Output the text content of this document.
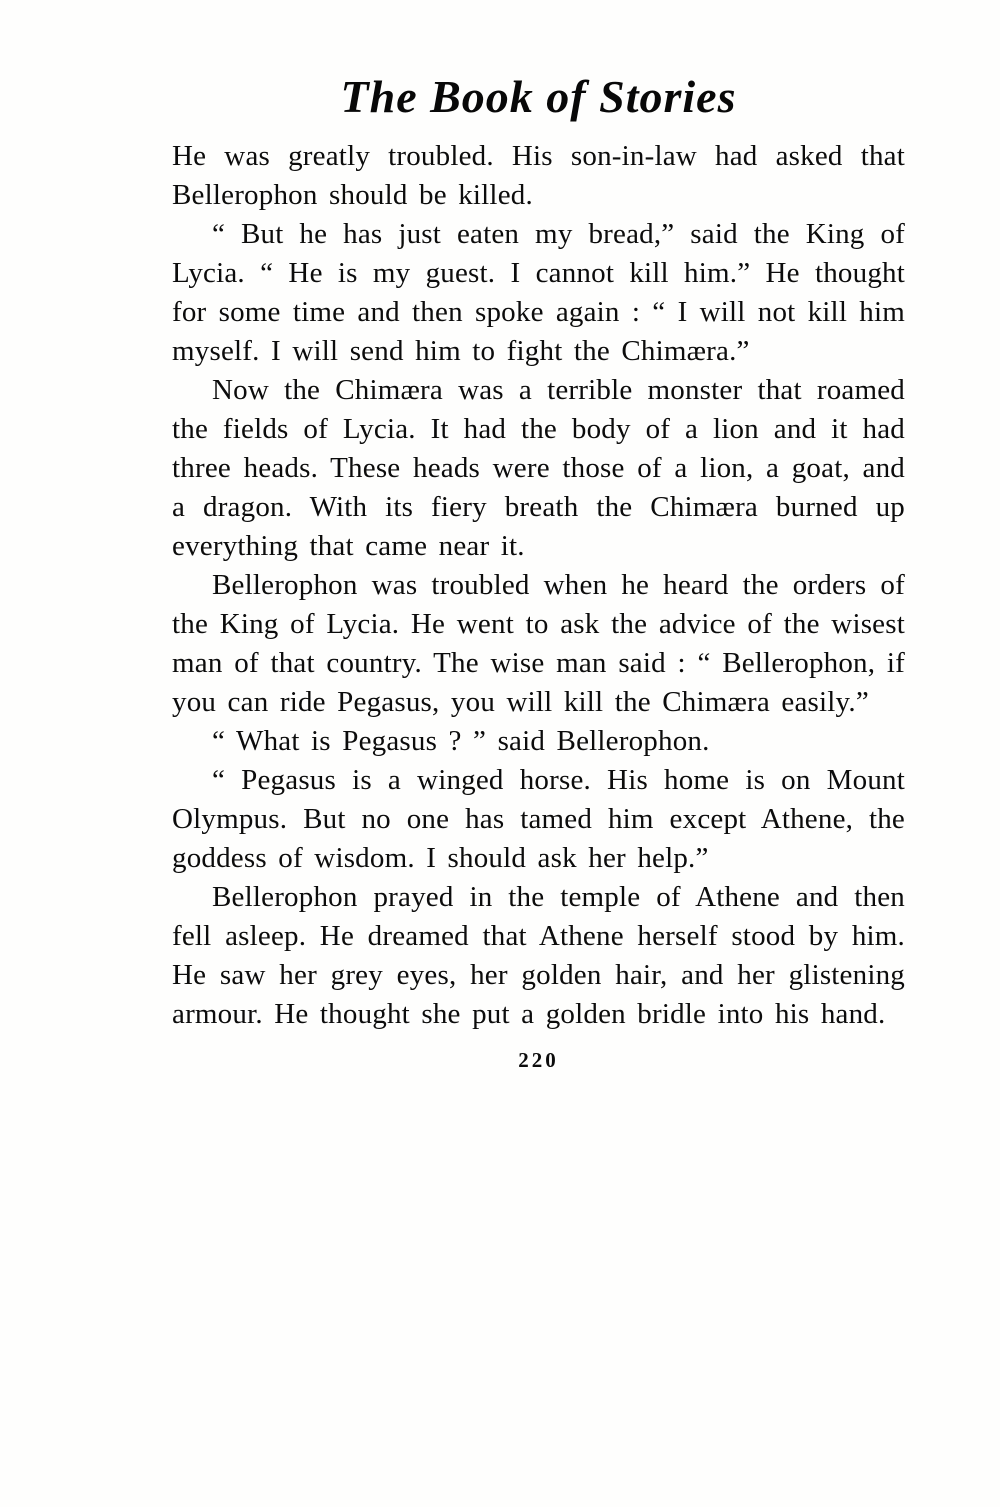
The Book of Stories

He was greatly troubled. His son-in-law had asked that Bellerophon should be killed.

“ But he has just eaten my bread,” said the King of Lycia. “ He is my guest. I cannot kill him.” He thought for some time and then spoke again : “ I will not kill him myself. I will send him to fight the Chimæra.”

Now the Chimæra was a terrible monster that roamed the fields of Lycia. It had the body of a lion and it had three heads. These heads were those of a lion, a goat, and a dragon. With its fiery breath the Chimæra burned up everything that came near it.

Bellerophon was troubled when he heard the orders of the King of Lycia. He went to ask the advice of the wisest man of that country. The wise man said : “ Bellerophon, if you can ride Pegasus, you will kill the Chimæra easily.”

“ What is Pegasus ? ” said Bellerophon.

“ Pegasus is a winged horse. His home is on Mount Olympus. But no one has tamed him except Athene, the goddess of wisdom. I should ask her help.”

Bellerophon prayed in the temple of Athene and then fell asleep. He dreamed that Athene herself stood by him. He saw her grey eyes, her golden hair, and her glistening armour. He thought she put a golden bridle into his hand.

220
